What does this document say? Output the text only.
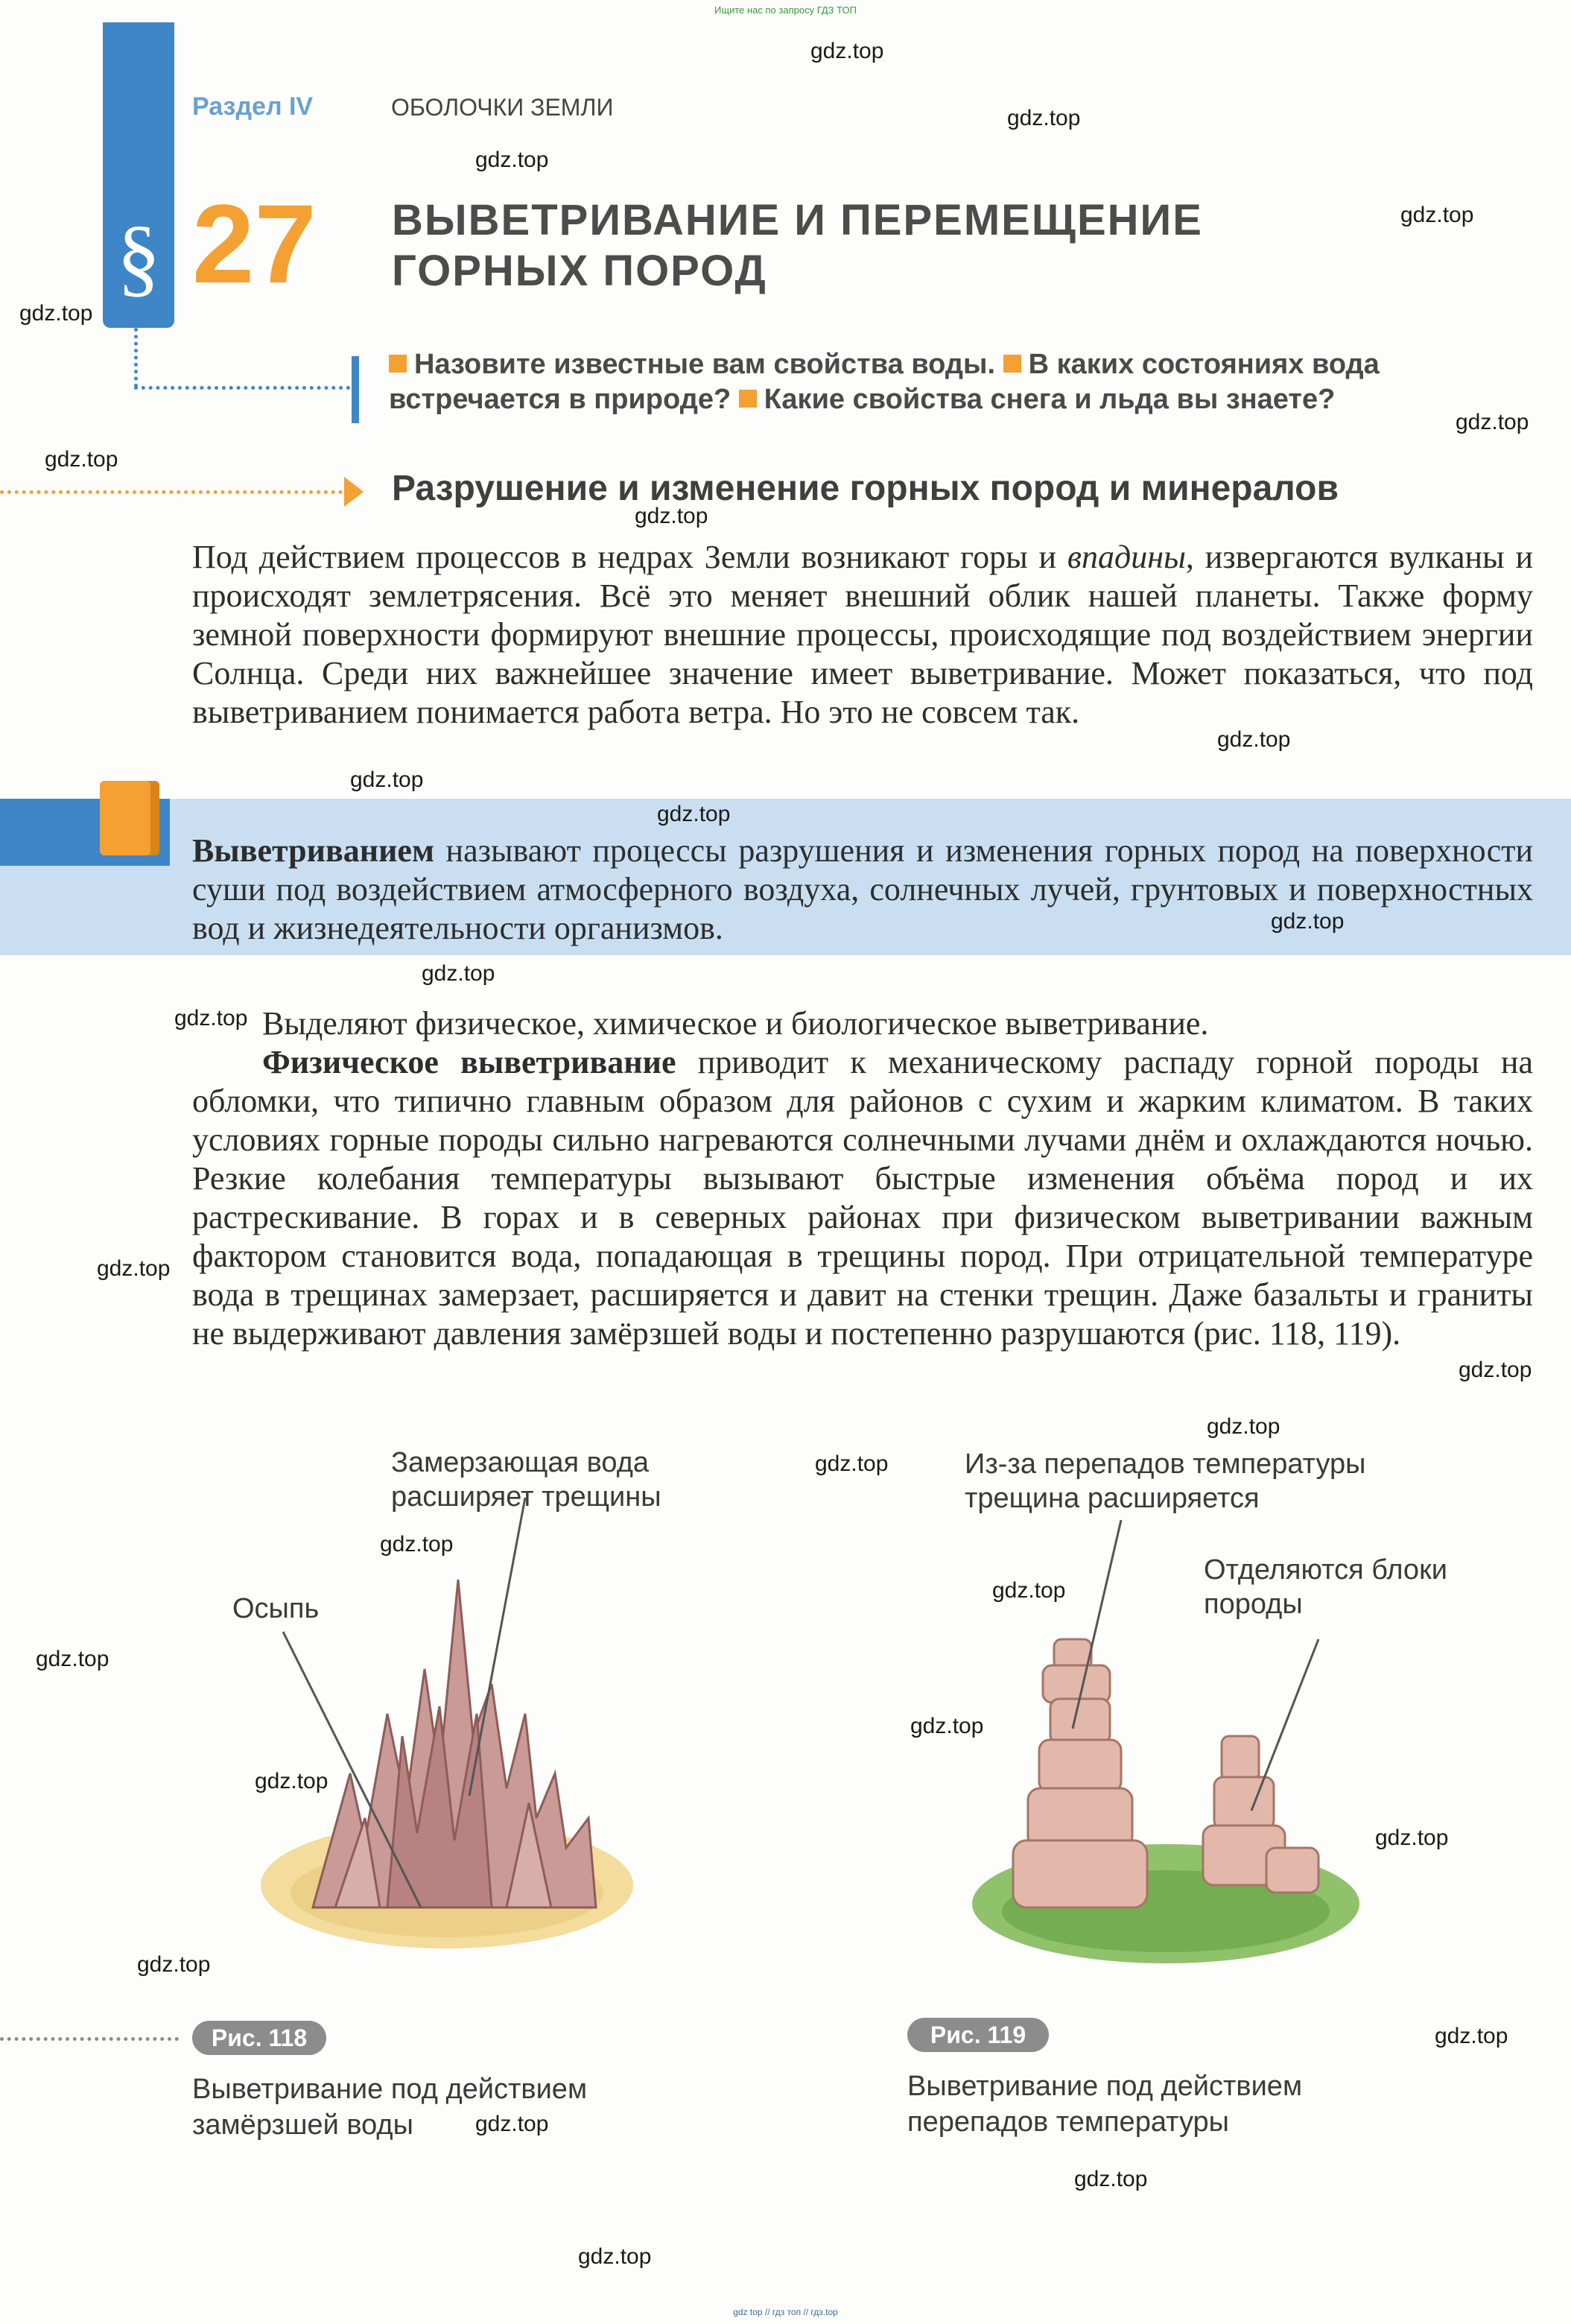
Ищите нас по запросу ГДЗ ТОП
§
Раздел IV	ОБОЛОЧКИ ЗЕМЛИ
27 ВЫВЕТРИВАНИЕ И ПЕРЕМЕЩЕНИЕ
ГОРНЫХ ПОРОД
Назовите известные вам свойства воды. В каких состояниях вода встречается в природе? Какие свойства снега и льда вы знаете?
Разрушение и изменение горных пород и минералов
Под действием процессов в недрах Земли возникают горы и впадины, извергаются вулканы и происходят землетрясения. Всё это меняет внешний облик нашей планеты. Также форму земной поверхности формируют внешние процессы, происходящие под воздействием энергии Солнца. Среди них важнейшее значение имеет выветривание. Может показаться, что под выветриванием понимается работа ветра. Но это не совсем так.
Выветриванием называют процессы разрушения и изменения горных пород на поверхности суши под воздействием атмосферного воздуха, солнечных лучей, грунтовых и поверхностных вод и жизнедеятельности организмов.
Выделяют физическое, химическое и биологическое выветривание.
Физическое выветривание приводит к механическому распаду горной породы на обломки, что типично главным образом для районов с сухим и жарким климатом. В таких условиях горные породы сильно нагреваются солнечными лучами днём и охлаждаются ночью. Резкие колебания температуры вызывают быстрые изменения объёма пород и их растрескивание. В горах и в северных районах при физическом выветривании важным фактором становится вода, попадающая в трещины пород. При отрицательной температуре вода в трещинах замерзает, расширяется и давит на стенки трещин. Даже базальты и граниты не выдерживают давления замёрзшей воды и постепенно разрушаются (рис. 118, 119).
Замерзающая вода расширяет трещины
Осыпь
Из-за перепадов температуры трещина расширяется
Отделяются блоки породы
Рис. 118	Рис. 119
Выветривание под действием замёрзшей воды
Выветривание под действием перепадов температуры
gdz.top
gdz.top
gdz.top
gdz.top
gdz.top
gdz.top
gdz.top
gdz.top
gdz.top
gdz.top
gdz.top
gdz.top
gdz.top
gdz.top
gdz.top
gdz.top
gdz.top
gdz.top
gdz.top
gdz.top
gdz.top
gdz.top
gdz.top
gdz.top
gdz.top
gdz.top
gdz.top
gdz.top
gdz.top
gdz top // гдз топ // гдз.top
